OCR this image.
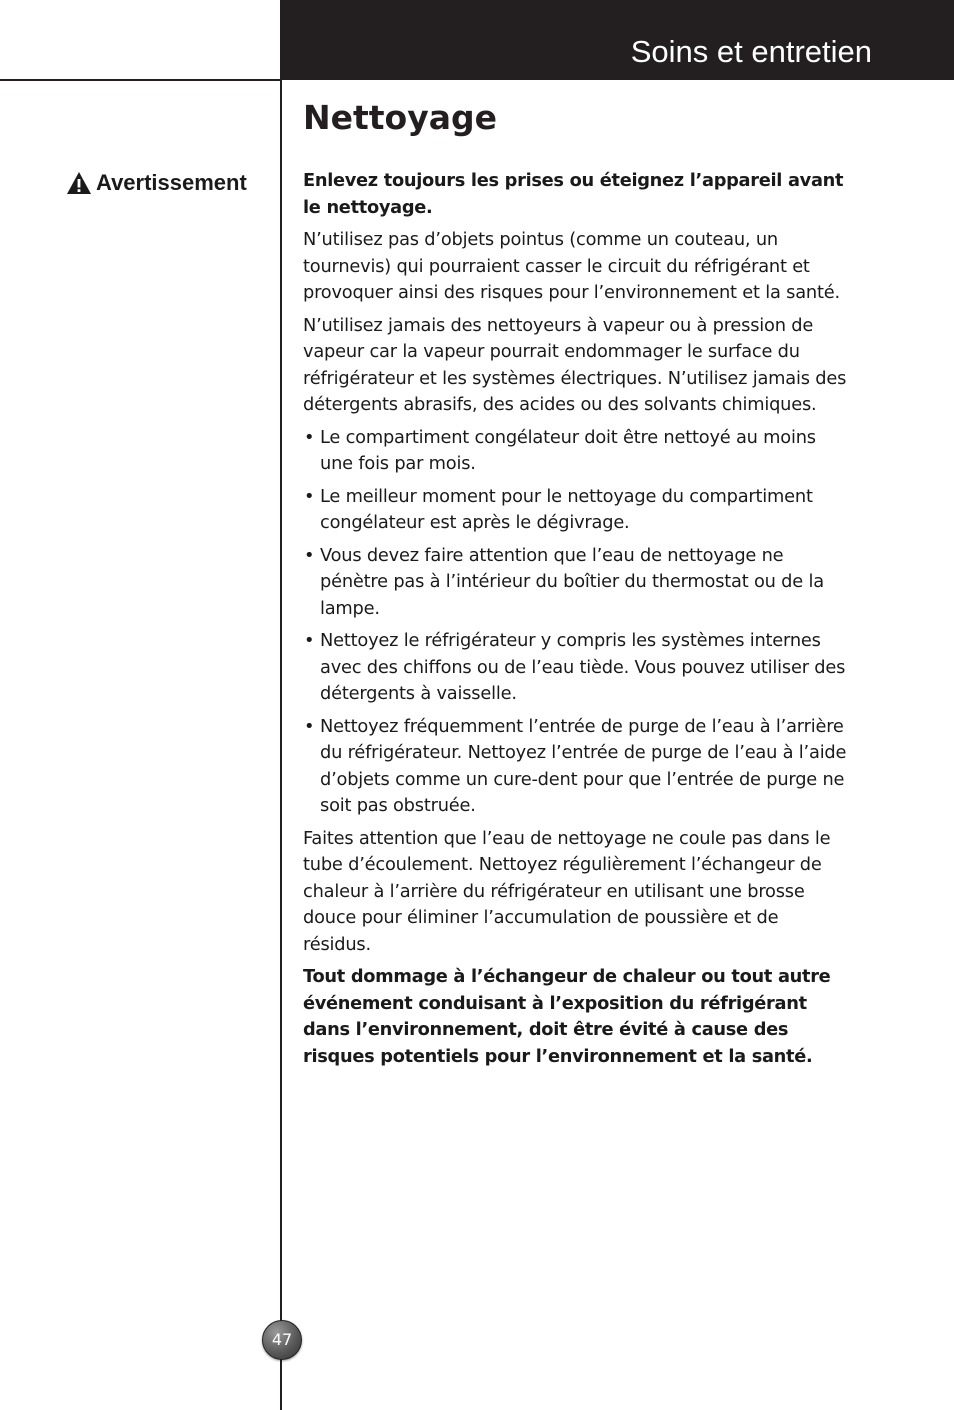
Soins et entretien
Avertissement
Nettoyage

Enlevez toujours les prises ou éteignez l’appareil avant le nettoyage.

N’utilisez pas d’objets pointus (comme un couteau, un tournevis) qui pourraient casser le circuit du réfrigérant et provoquer ainsi des risques pour l’environnement et la santé.

N’utilisez jamais des nettoyeurs à vapeur ou à pression de vapeur car la vapeur pourrait endommager le surface du réfrigérateur et les systèmes électriques. N’utilisez jamais des détergents abrasifs, des acides ou des solvants chimiques.

• Le compartiment congélateur doit être nettoyé au moins une fois par mois.
• Le meilleur moment pour le nettoyage du compartiment congélateur est après le dégivrage.
• Vous devez faire attention que l’eau de nettoyage ne pénètre pas à l’intérieur du boîtier du thermostat ou de la lampe.
• Nettoyez le réfrigérateur y compris les systèmes internes avec des chiffons ou de l’eau tiède. Vous pouvez utiliser des détergents à vaisselle.
• Nettoyez fréquemment l’entrée de purge de l’eau à l’arrière du réfrigérateur. Nettoyez l’entrée de purge de l’eau à l’aide d’objets comme un cure-dent pour que l’entrée de purge ne soit pas obstruée.

Faites attention que l’eau de nettoyage ne coule pas dans le tube d’écoulement. Nettoyez régulièrement l’échangeur de chaleur à l’arrière du réfrigérateur en utilisant une brosse douce pour éliminer l’accumulation de poussière et de résidus.

Tout dommage à l’échangeur de chaleur ou tout autre événement conduisant à l’exposition du réfrigérant dans l’environnement, doit être évité à cause des risques potentiels pour l’environnement et la santé.

47
